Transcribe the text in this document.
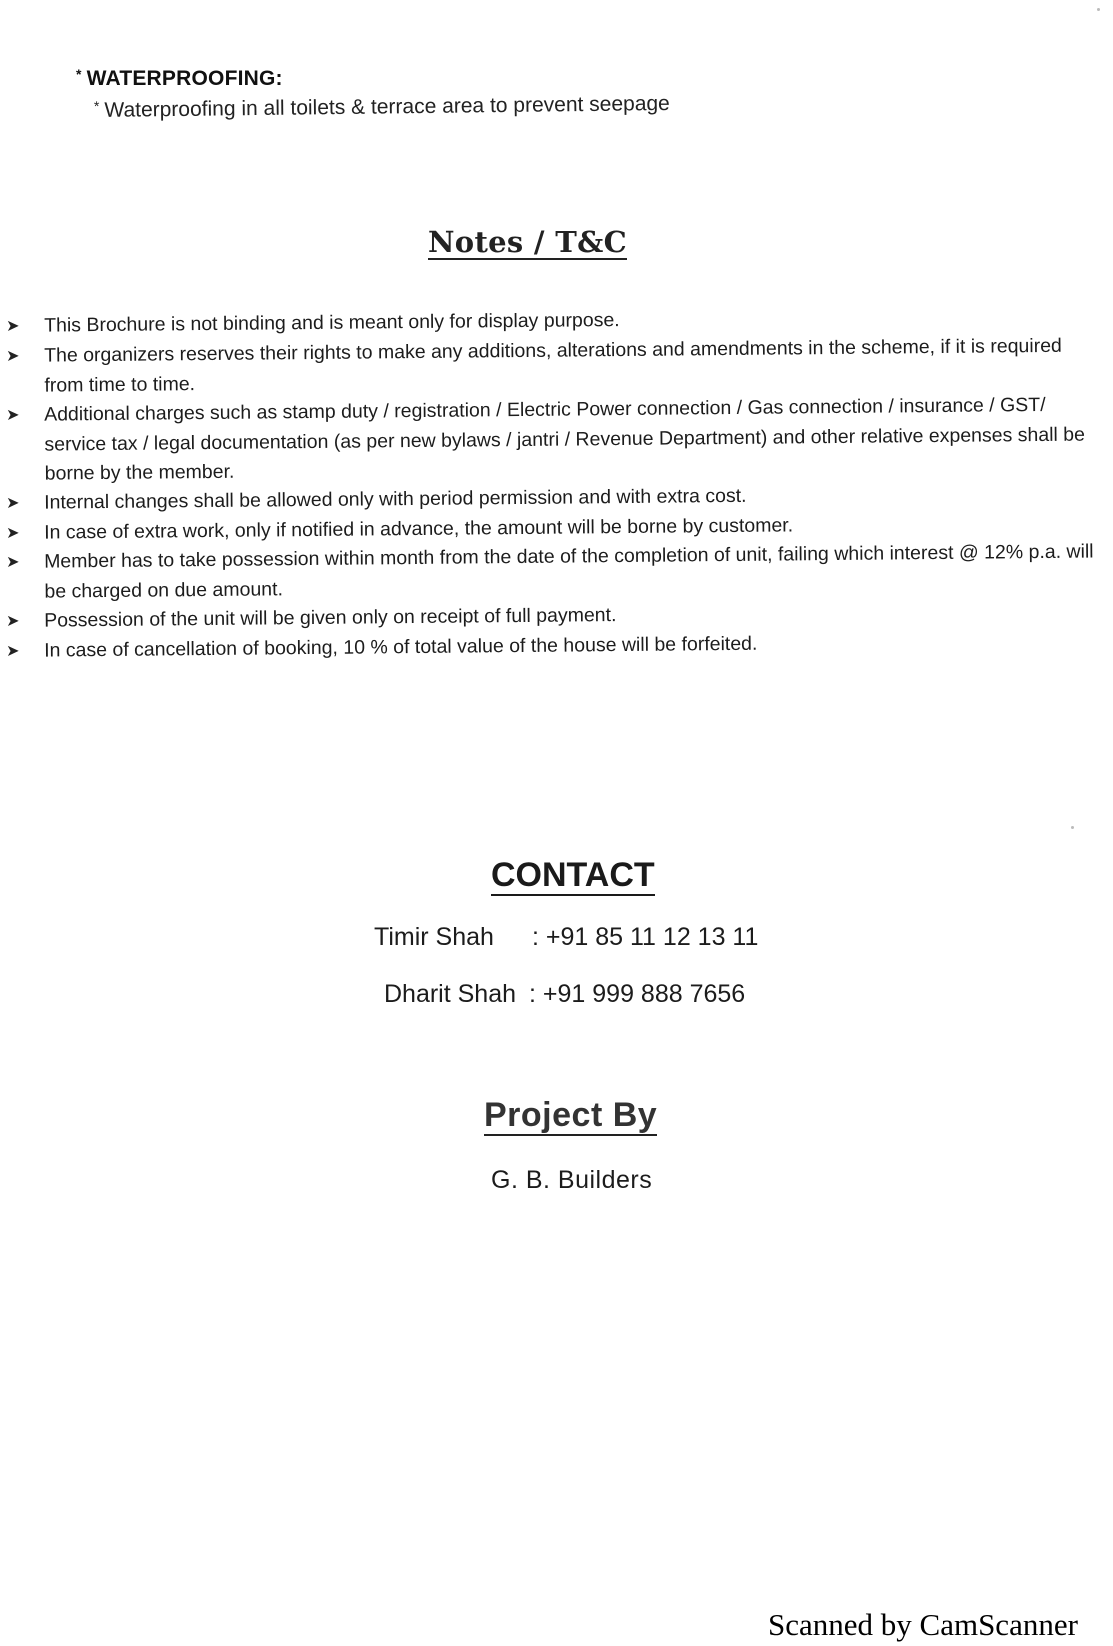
* WATERPROOFING:
* Waterproofing in all toilets & terrace area to prevent seepage
Notes / T&C
➤ This Brochure is not binding and is meant only for display purpose.
➤ The organizers reserves their rights to make any additions, alterations and amendments in the scheme, if it is required from time to time.
➤ Additional charges such as stamp duty / registration / Electric Power connection / Gas connection / insurance / GST/ service tax / legal documentation (as per new bylaws / jantri / Revenue Department) and other relative expenses shall be borne by the member.
➤ Internal changes shall be allowed only with period permission and with extra cost.
➤ In case of extra work, only if notified in advance, the amount will be borne by customer.
➤ Member has to take possession within month from the date of the completion of unit, failing which interest @ 12% p.a. will be charged on due amount.
➤ Possession of the unit will be given only on receipt of full payment.
➤ In case of cancellation of booking, 10 % of total value of the house will be forfeited.
CONTACT
Timir Shah : +91 85 11 12 13 11
Dharit Shah : +91 999 888 7656
Project By
G. B. Builders
Scanned by CamScanner
